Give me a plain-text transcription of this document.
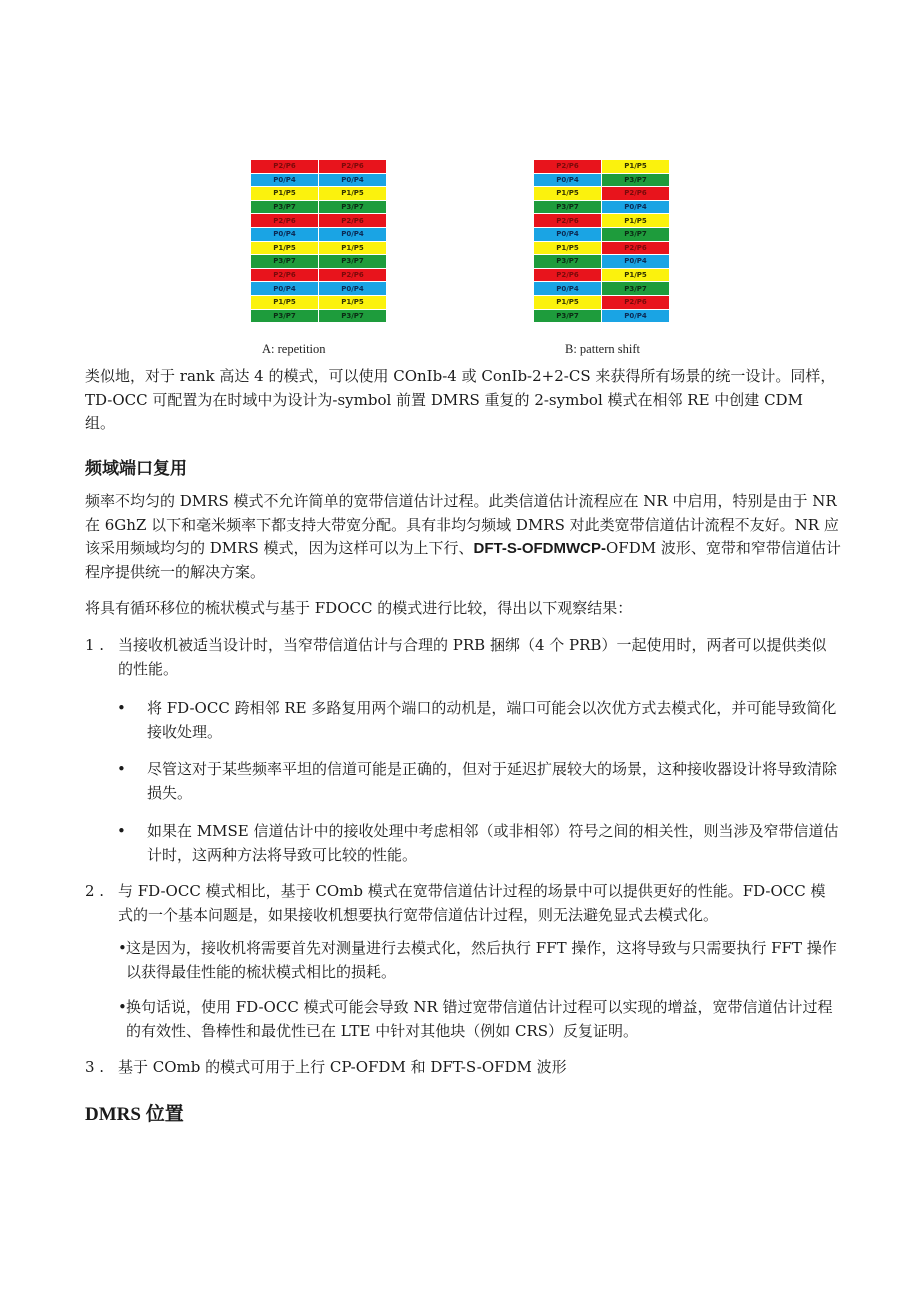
P2/P6	P2/P6
P0/P4	P0/P4
P1/P5	P1/P5
P3/P7	P3/P7
P2/P6	P2/P6
P0/P4	P0/P4
P1/P5	P1/P5
P3/P7	P3/P7
P2/P6	P2/P6
P0/P4	P0/P4
P1/P5	P1/P5
P3/P7	P3/P7
A: repetition
P2/P6	P1/P5
P0/P4	P3/P7
P1/P5	P2/P6
P3/P7	P0/P4
P2/P6	P1/P5
P0/P4	P3/P7
P1/P5	P2/P6
P3/P7	P0/P4
P2/P6	P1/P5
P0/P4	P3/P7
P1/P5	P2/P6
P3/P7	P0/P4
B: pattern shift

类似地，对于 rank 高达 4 的模式，可以使用 COnIb-4 或 ConIb-2+2-CS 来获得所有场景的统一设计。同样，TD-OCC 可配置为在时域中为设计为-symbol 前置 DMRS 重复的 2-symbol 模式在相邻 RE 中创建 CDM 组。

频域端口复用

频率不均匀的 DMRS 模式不允许简单的宽带信道估计过程。此类信道估计流程应在 NR 中启用，特别是由于 NR 在 6GhZ 以下和毫米频率下都支持大带宽分配。具有非均匀频域 DMRS 对此类宽带信道估计流程不友好。NR 应该采用频域均匀的 DMRS 模式，因为这样可以为上下行、DFT-S-OFDMWCP-OFDM 波形、宽带和窄带信道估计程序提供统一的解决方案。

将具有循环移位的梳状模式与基于 FDOCC 的模式进行比较，得出以下观察结果：

1 . 当接收机被适当设计时，当窄带信道估计与合理的 PRB 捆绑（4 个 PRB）一起使用时，两者可以提供类似的性能。

• 将 FD-OCC 跨相邻 RE 多路复用两个端口的动机是，端口可能会以次优方式去模式化，并可能导致简化接收处理。

• 尽管这对于某些频率平坦的信道可能是正确的，但对于延迟扩展较大的场景，这种接收器设计将导致清除损失。

• 如果在 MMSE 信道估计中的接收处理中考虑相邻（或非相邻）符号之间的相关性，则当涉及窄带信道估计时，这两种方法将导致可比较的性能。

2 . 与 FD-OCC 模式相比，基于 COmb 模式在宽带信道估计过程的场景中可以提供更好的性能。FD-OCC 模式的一个基本问题是，如果接收机想要执行宽带信道估计过程，则无法避免显式去模式化。

• 这是因为，接收机将需要首先对测量进行去模式化，然后执行 FFT 操作，这将导致与只需要执行 FFT 操作以获得最佳性能的梳状模式相比的损耗。

• 换句话说，使用 FD-OCC 模式可能会导致 NR 错过宽带信道估计过程可以实现的增益，宽带信道估计过程的有效性、鲁棒性和最优性已在 LTE 中针对其他块（例如 CRS）反复证明。

3 . 基于 COmb 的模式可用于上行 CP-OFDM 和 DFT-S-OFDM 波形

DMRS 位置
